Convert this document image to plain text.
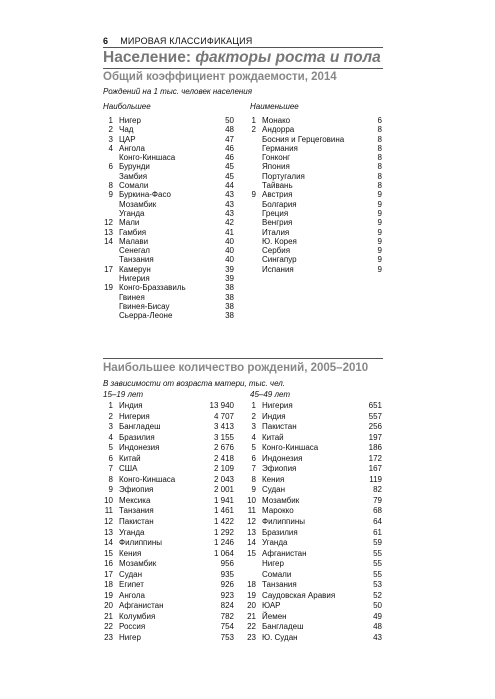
6 МИРОВАЯ КЛАССИФИКАЦИЯ
Население: факторы роста и пола
Общий коэффициент рождаемости, 2014
Рождений на 1 тыс. человек населения
Наибольшее	Наименьшее
1 Нигер	50
2 Чад	48
3 ЦАР	47
4 Ангола	46
Конго-Киншаса	46
6 Бурунди	45
Замбия	45
8 Сомали	44
9 Буркина-Фасо	43
Мозамбик	43
Уганда	43
12 Мали	42
13 Гамбия	41
14 Малави	40
Сенегал	40
Танзания	40
17 Камерун	39
Нигерия	39
19 Конго-Браззавиль	38
Гвинея	38
Гвинея-Бисау	38
Сьерра-Леоне	38
1 Монако	6
2 Андорра	8
Босния и Герцеговина	8
Германия	8
Гонконг	8
Япония	8
Португалия	8
Тайвань	8
9 Австрия	9
Болгария	9
Греция	9
Венгрия	9
Италия	9
Ю. Корея	9
Сербия	9
Сингапур	9
Испания	9
Наибольшее количество рождений, 2005–2010
В зависимости от возраста матери, тыс. чел.
15–19 лет	45–49 лет
1 Индия	13 940
2 Нигерия	4 707
3 Бангладеш	3 413
4 Бразилия	3 155
5 Индонезия	2 676
6 Китай	2 418
7 США	2 109
8 Конго-Киншаса	2 043
9 Эфиопия	2 001
10 Мексика	1 941
11 Танзания	1 461
12 Пакистан	1 422
13 Уганда	1 292
14 Филиппины	1 246
15 Кения	1 064
16 Мозамбик	956
17 Судан	935
18 Египет	926
19 Ангола	923
20 Афганистан	824
21 Колумбия	782
22 Россия	754
23 Нигер	753
1 Нигерия	651
2 Индия	557
3 Пакистан	256
4 Китай	197
5 Конго-Киншаса	186
6 Индонезия	172
7 Эфиопия	167
8 Кения	119
9 Судан	82
10 Мозамбик	79
11 Марокко	68
12 Филиппины	64
13 Бразилия	61
14 Уганда	59
15 Афганистан	55
Нигер	55
Сомали	55
18 Танзания	53
19 Саудовская Аравия	52
20 ЮАР	50
21 Йемен	49
22 Бангладеш	48
23 Ю. Судан	43
